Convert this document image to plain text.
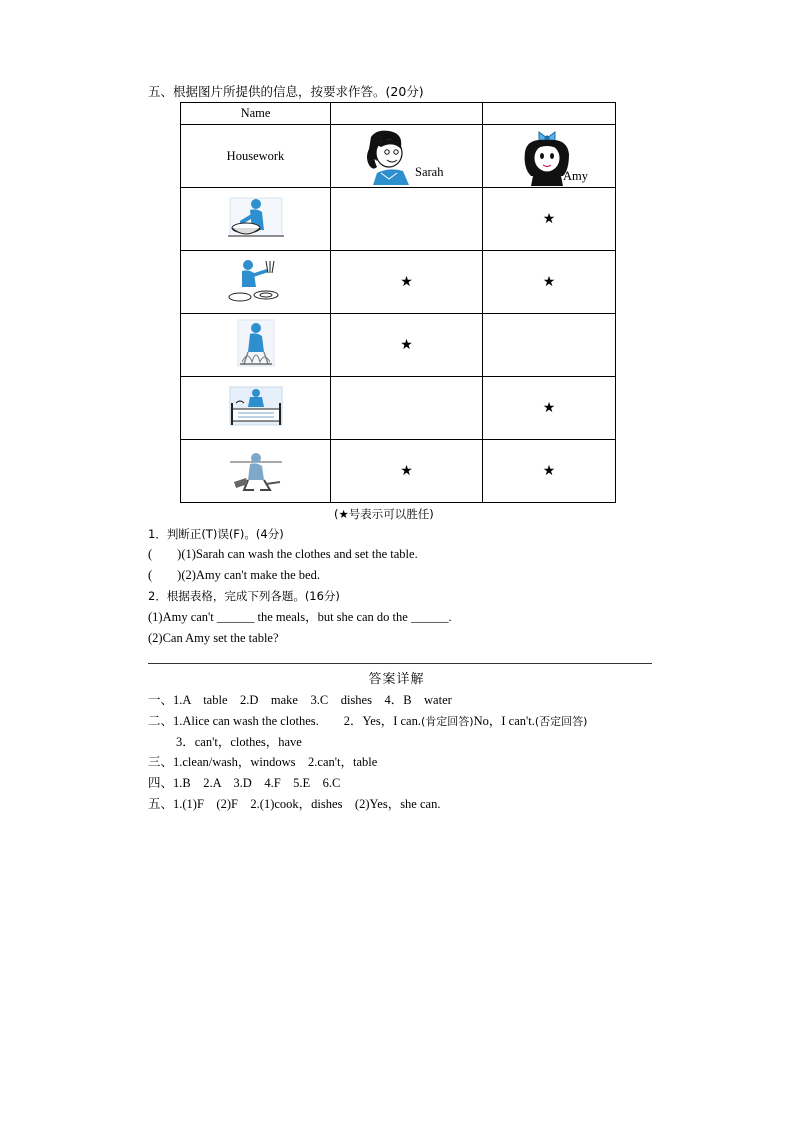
五、根据图片所提供的信息，按要求作答。(20分)
Name		
Housework	Sarah	Amy

		★
	★	★
	★	
		★
	★	★
(★号表示可以胜任)
1．判断正(T)误(F)。(4分)
(　　)(1)Sarah can wash the clothes and set the table.
(　　)(2)Amy can't make the bed.
2．根据表格，完成下列各题。(16分)
(1)Amy can't ______ the meals，but she can do the ______.
(2)Can Amy set the table?
答案详解
一、1.A　table　2.D　make　3.C　dishes　4．B　water
二、1.Alice can wash the clothes.　　2．Yes，I can.(肯定回答)No，I can't.(否定回答)
3．can't，clothes，have
三、1.clean/wash，windows　2.can't，table
四、1.B　2.A　3.D　4.F　5.E　6.C
五、1.(1)F　(2)F　2.(1)cook，dishes　(2)Yes，she can.
